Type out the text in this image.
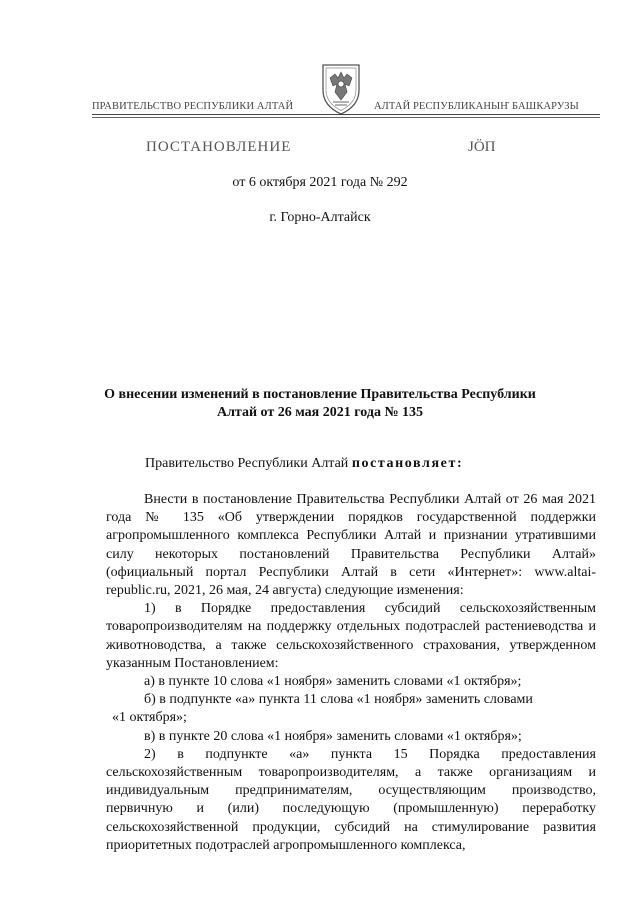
ПРАВИТЕЛЬСТВО РЕСПУБЛИКИ АЛТАЙ	АЛТАЙ РЕСПУБЛИКАНЫҤ БАШКАРУЗЫ
ПОСТАНОВЛЕНИЕ	JӦП
от 6 октября 2021 года № 292
г. Горно-Алтайск
О внесении изменений в постановление Правительства Республики
Алтай от 26 мая 2021 года № 135
Правительство Республики Алтай постановляет:

Внести в постановление Правительства Республики Алтай от 26 мая 2021 года № 135 «Об утверждении порядков государственной поддержки агропромышленного комплекса Республики Алтай и признании утратившими силу некоторых постановлений Правительства Республики Алтай» (официальный портал Республики Алтай в сети «Интернет»: www.altai-republic.ru, 2021, 26 мая, 24 августа) следующие изменения:

1) в Порядке предоставления субсидий сельскохозяйственным товаропроизводителям на поддержку отдельных подотраслей растениеводства и животноводства, а также сельскохозяйственного страхования, утвержденном указанным Постановлением:

а) в пункте 10 слова «1 ноября» заменить словами «1 октября»;

б) в подпункте «а» пункта 11 слова «1 ноября» заменить словами

«1 октября»;

в) в пункте 20 слова «1 ноября» заменить словами «1 октября»;

2) в подпункте «а» пункта 15 Порядка предоставления сельскохозяйственным товаропроизводителям, а также организациям и индивидуальным предпринимателям, осуществляющим производство, первичную и (или) последующую (промышленную) переработку сельскохозяйственной продукции, субсидий на стимулирование развития приоритетных подотраслей агропромышленного комплекса,
